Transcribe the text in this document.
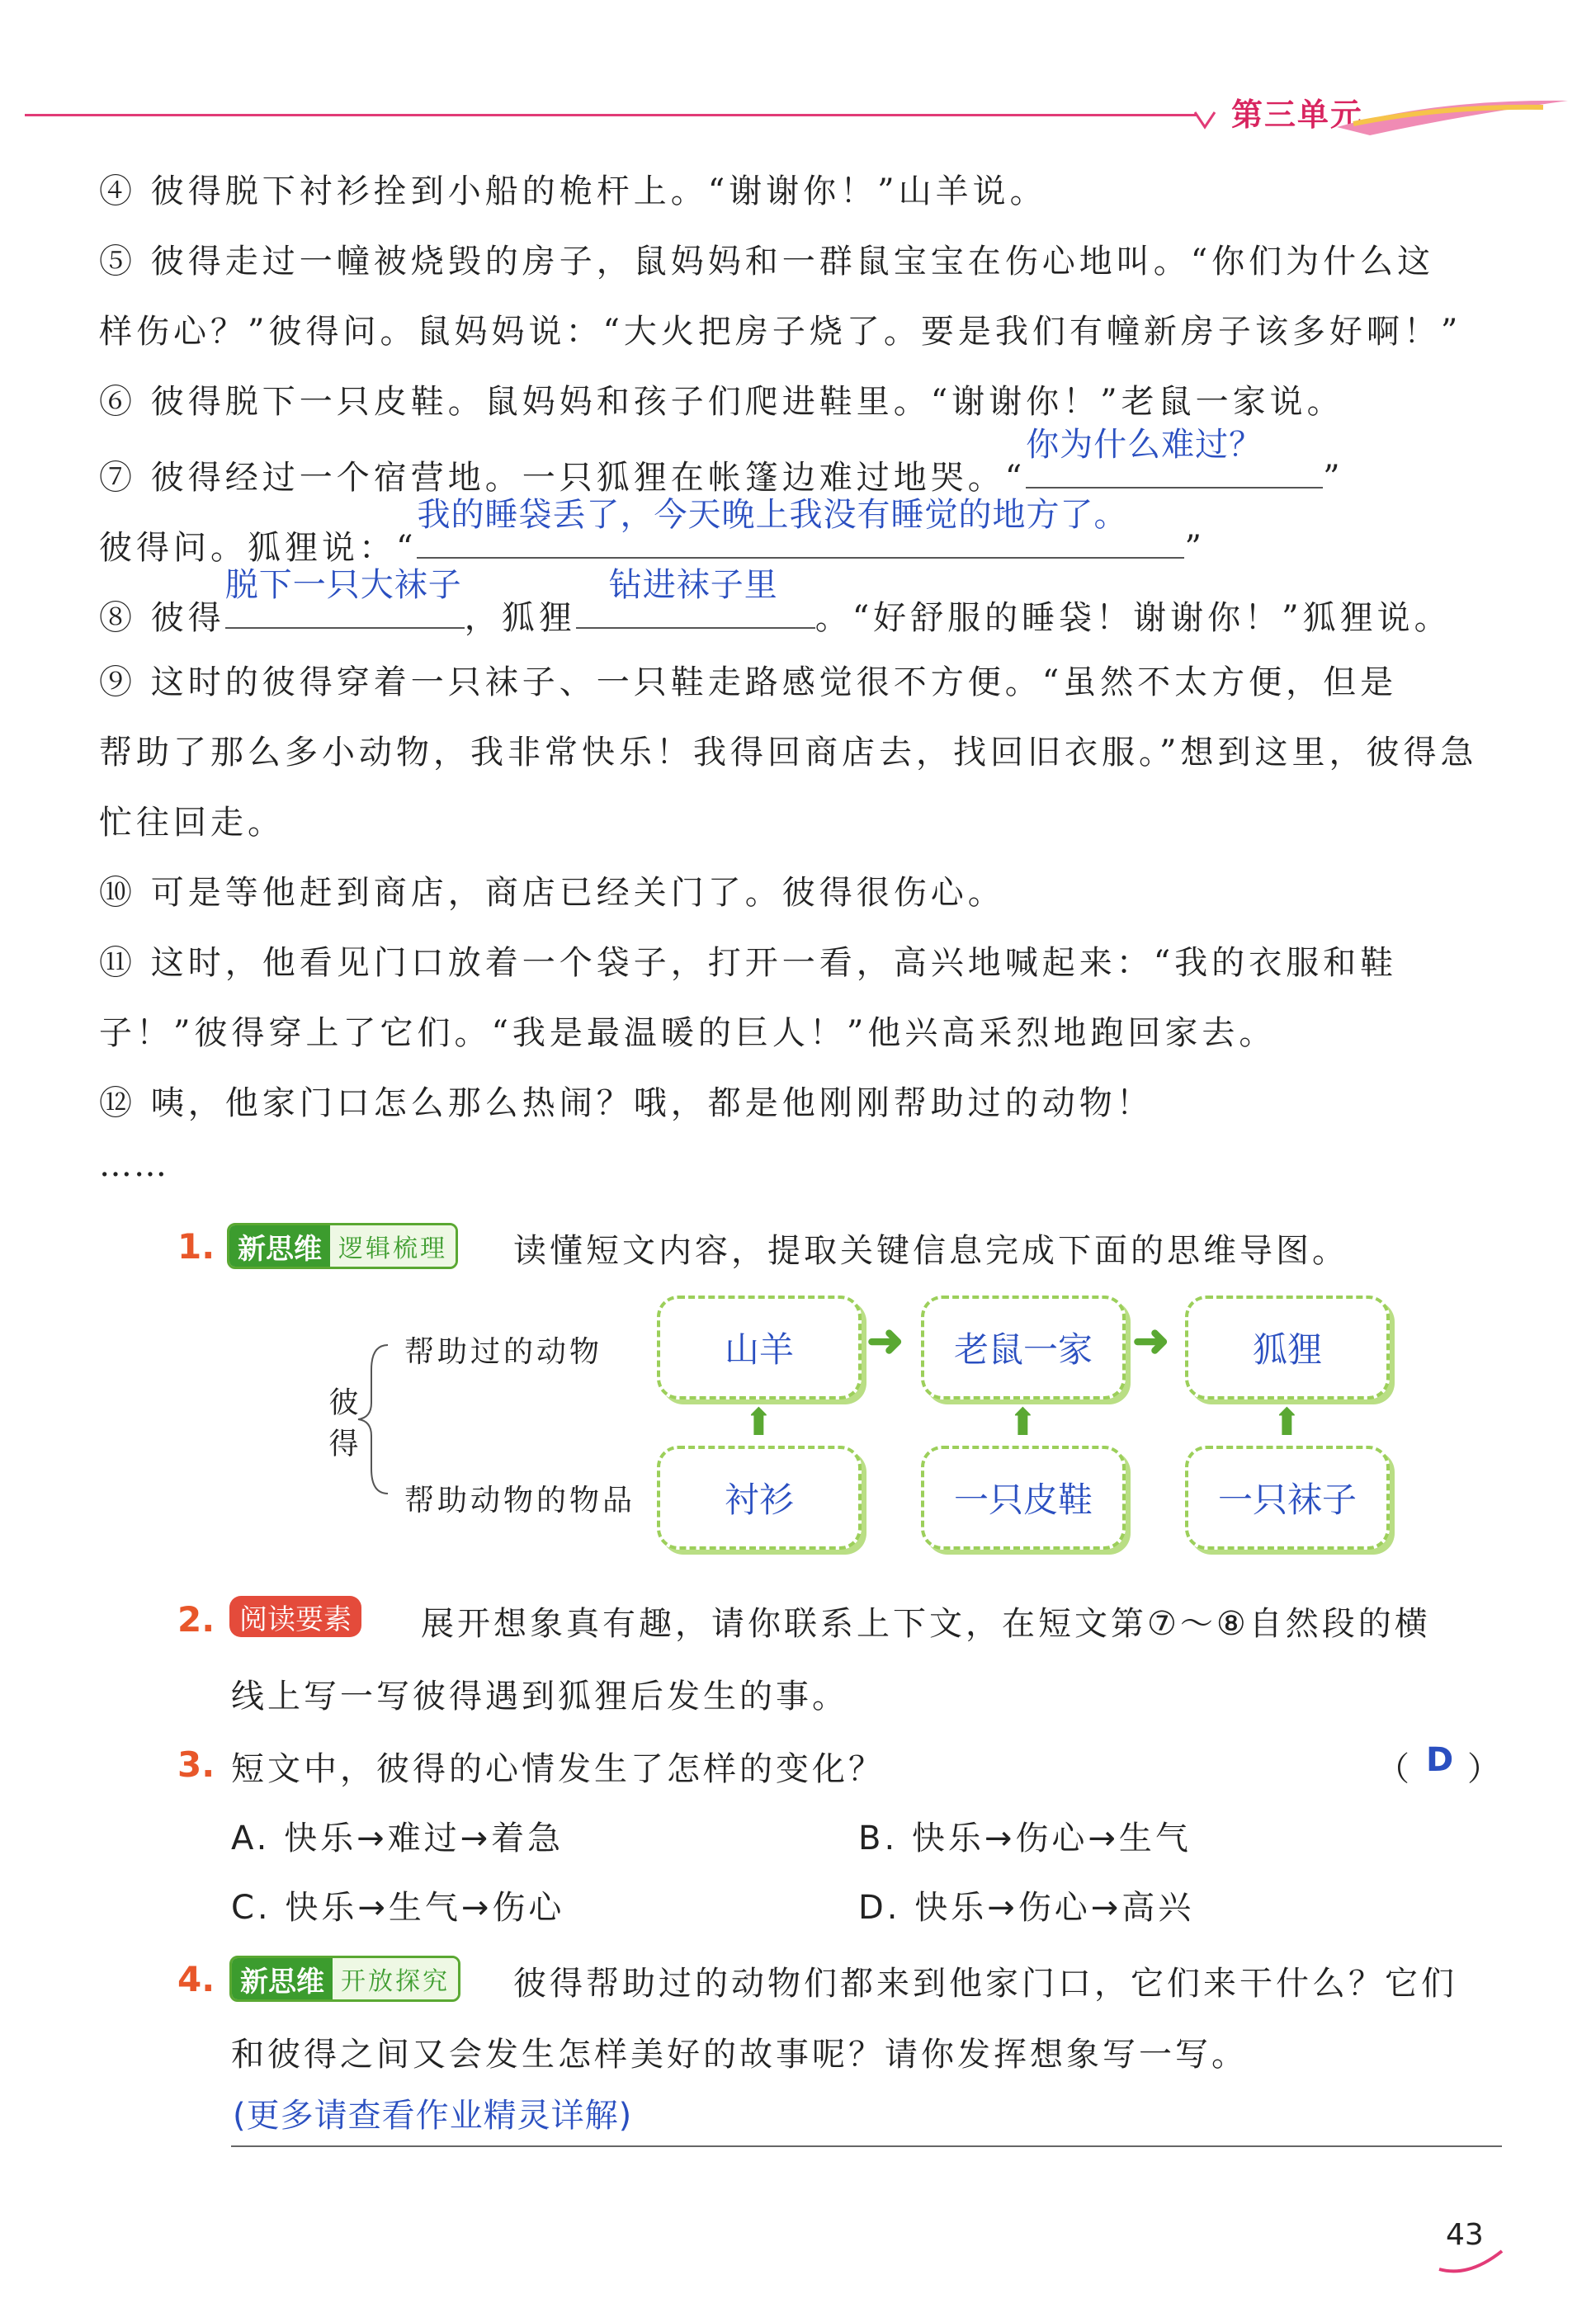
第三单元
④ 彼得脱下衬衫拴到小船的桅杆上。“谢谢你！”山羊说。
⑤ 彼得走过一幢被烧毁的房子，鼠妈妈和一群鼠宝宝在伤心地叫。“你们为什么这
样伤心？”彼得问。鼠妈妈说：“大火把房子烧了。要是我们有幢新房子该多好啊！”
⑥ 彼得脱下一只皮鞋。鼠妈妈和孩子们爬进鞋里。“谢谢你！”老鼠一家说。
⑦ 彼得经过一个宿营地。一只狐狸在帐篷边难过地哭。“
你为什么难过？
”
彼得问。狐狸说：“
我的睡袋丢了，今天晚上我没有睡觉的地方了。
”
⑧ 彼得
脱下一只大袜子
，狐狸
钻进袜子里
。“好舒服的睡袋！谢谢你！”狐狸说。
⑨ 这时的彼得穿着一只袜子、一只鞋走路感觉很不方便。“虽然不太方便，但是
帮助了那么多小动物，我非常快乐！我得回商店去，找回旧衣服。”想到这里，彼得急
忙往回走。
⑩ 可是等他赶到商店，商店已经关门了。彼得很伤心。
⑪ 这时，他看见门口放着一个袋子，打开一看，高兴地喊起来：“我的衣服和鞋
子！”彼得穿上了它们。“我是最温暖的巨人！”他兴高采烈地跑回家去。
⑫ 咦，他家门口怎么那么热闹？哦，都是他刚刚帮助过的动物！
……
1. 新思维 逻辑梳理 读懂短文内容，提取关键信息完成下面的思维导图。
彼得
帮助过的动物
帮助动物的物品
山羊 ➜ 老鼠一家 ➜ 狐狸
⬆	⬆	⬆
衬衫	一只皮鞋	一只袜子
2. 阅读要素	展开想象真有趣，请你联系上下文，在短文第⑦～⑧自然段的横
线上写一写彼得遇到狐狸后发生的事。
3. 短文中，彼得的心情发生了怎样的变化？	（ D ）
A. 快乐→难过→着急	B. 快乐→伤心→生气
C. 快乐→生气→伤心	D. 快乐→伤心→高兴
4. 新思维 开放探究 彼得帮助过的动物们都来到他家门口，它们来干什么？它们
和彼得之间又会发生怎样美好的故事呢？请你发挥想象写一写。
(更多请查看作业精灵详解)
43
